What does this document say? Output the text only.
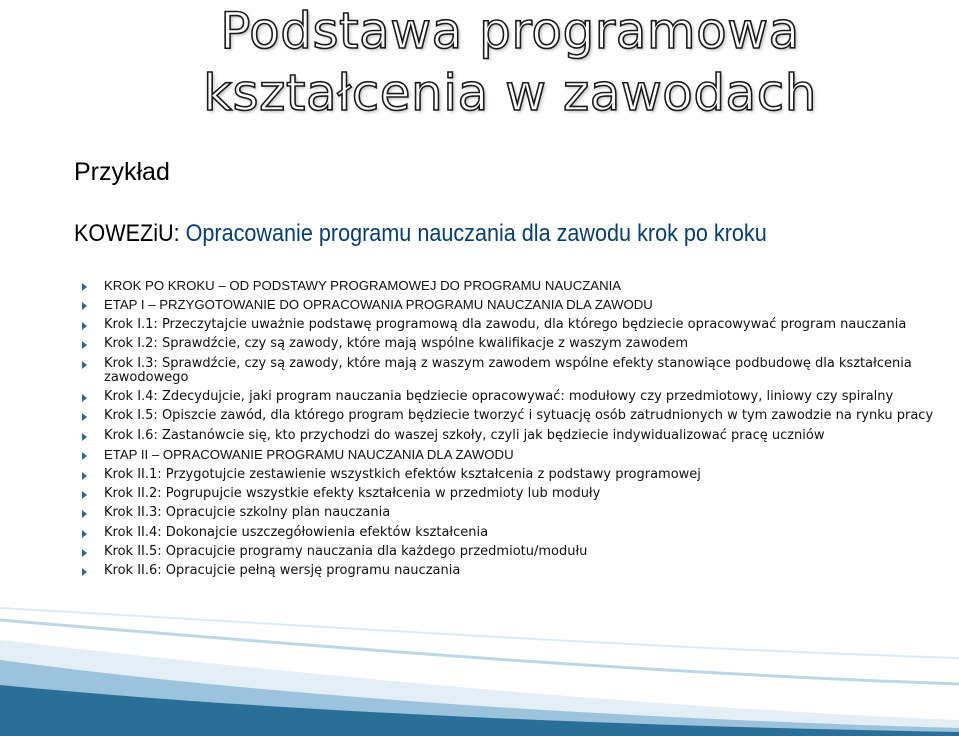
Podstawa programowa
kształcenia w zawodach
Przykład
KOWEZiU: Opracowanie programu nauczania dla zawodu krok po kroku
KROK PO KROKU – OD PODSTAWY PROGRAMOWEJ DO PROGRAMU NAUCZANIA
ETAP I – PRZYGOTOWANIE DO OPRACOWANIA PROGRAMU NAUCZANIA DLA ZAWODU
Krok I.1: Przeczytajcie uważnie podstawę programową dla zawodu, dla którego będziecie opracowywać program nauczania
Krok I.2: Sprawdźcie, czy są zawody, które mają wspólne kwalifikacje z waszym zawodem
Krok I.3: Sprawdźcie, czy są zawody, które mają z waszym zawodem wspólne efekty stanowiące podbudowę dla kształcenia zawodowego
Krok I.4: Zdecydujcie, jaki program nauczania będziecie opracowywać: modułowy czy przedmiotowy, liniowy czy spiralny
Krok I.5: Opiszcie zawód, dla którego program będziecie tworzyć i sytuację osób zatrudnionych w tym zawodzie na rynku pracy
Krok I.6: Zastanówcie się, kto przychodzi do waszej szkoły, czyli jak będziecie indywidualizować pracę uczniów
ETAP II – OPRACOWANIE PROGRAMU NAUCZANIA DLA ZAWODU
Krok II.1: Przygotujcie zestawienie wszystkich efektów kształcenia z podstawy programowej
Krok II.2: Pogrupujcie wszystkie efekty kształcenia w przedmioty lub moduły
Krok II.3: Opracujcie szkolny plan nauczania
Krok II.4: Dokonajcie uszczegółowienia efektów kształcenia
Krok II.5: Opracujcie programy nauczania dla każdego przedmiotu/modułu
Krok II.6: Opracujcie pełną wersję programu nauczania
